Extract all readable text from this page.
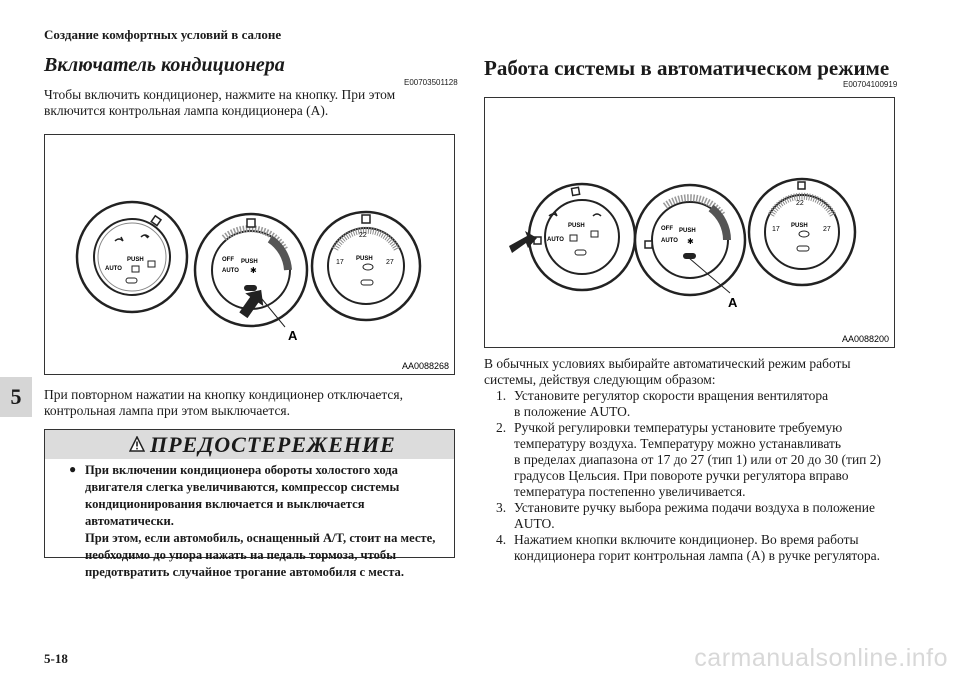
Создание комфортных условий в салоне
5
Включатель кондиционера
E00703501128
Чтобы включить кондиционер, нажмите на кнопку. При этом
включится контрольная лампа кондиционера (A).
PUSH
AUTO
OFF PUSH
AUTO ✱
22
17	27
PUSH
A
AA0088268
При повторном нажатии на кнопку кондиционер отключается,
контрольная лампа при этом выключается.
ПРЕДОСТЕРЕЖЕНИЕ
● При включении кондиционера обороты холостого хода
двигателя слегка увеличиваются, компрессор системы
кондиционирования включается и выключается автоматически.
При этом, если автомобиль, оснащенный A/T, стоит на месте,
необходимо до упора нажать на педаль тормоза, чтобы
предотвратить случайное трогание автомобиля с места.
Работа системы в автоматическом режиме
E00704100919
PUSH
AUTO
OFF PUSH
AUTO ✱
A
22
17	27
PUSH
AA0088200
В обычных условиях выбирайте автоматический режим работы
системы, действуя следующим образом:
1. Установите регулятор скорости вращения вентилятора
в положение AUTO.
2. Ручкой регулировки температуры установите требуемую
температуру воздуха. Температуру можно устанавливать
в пределах диапазона от 17 до 27 (тип 1) или от 20 до 30 (тип 2)
градусов Цельсия. При повороте ручки регулятора вправо
температура постепенно увеличивается.
3. Установите ручку выбора режима подачи воздуха в положение
AUTO.
4. Нажатием кнопки включите кондиционер. Во время работы
кондиционера горит контрольная лампа (A) в ручке регулятора.
5-18	carmanualsonline.info
